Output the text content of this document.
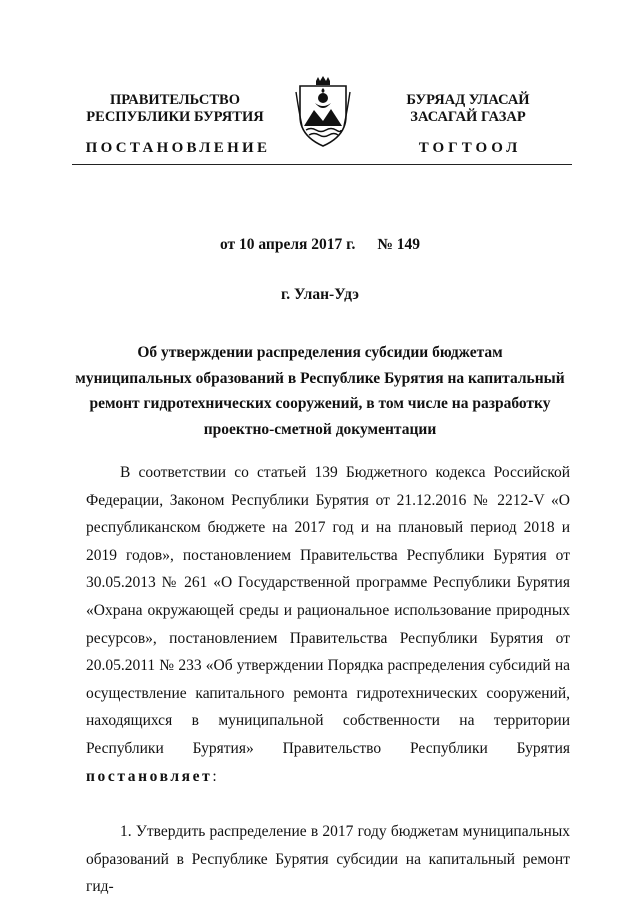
ПРАВИТЕЛЬСТВО
РЕСПУБЛИКИ БУРЯТИЯ
БУРЯАД УЛАСАЙ
ЗАСАГАЙ ГАЗАР
ПОСТАНОВЛЕНИЕ	ТОГТООЛ
от 10 апреля 2017 г. № 149
г. Улан-Удэ
Об утверждении распределения субсидии бюджетам
муниципальных образований в Республике Бурятия на капитальный
ремонт гидротехнических сооружений, в том числе на разработку
проектно-сметной документации

В соответствии со статьей 139 Бюджетного кодекса Российской Федерации, Законом Республики Бурятия от 21.12.2016 № 2212-V «О республиканском бюджете на 2017 год и на плановый период 2018 и 2019 годов», постановлением Правительства Республики Бурятия от 30.05.2013 № 261 «О Государственной программе Республики Бурятия «Охрана окружающей среды и рациональное использование природных ресурсов», постановлением Правительства Республики Бурятия от 20.05.2011 № 233 «Об утверждении Порядка распределения субсидий на осуществление капитального ремонта гидротехнических сооружений, находящихся в муниципальной собственности на территории Республики Бурятия» Правительство Республики Бурятия постановляет:

1. Утвердить распределение в 2017 году бюджетам муниципальных образований в Республике Бурятия субсидии на капитальный ремонт гид-
